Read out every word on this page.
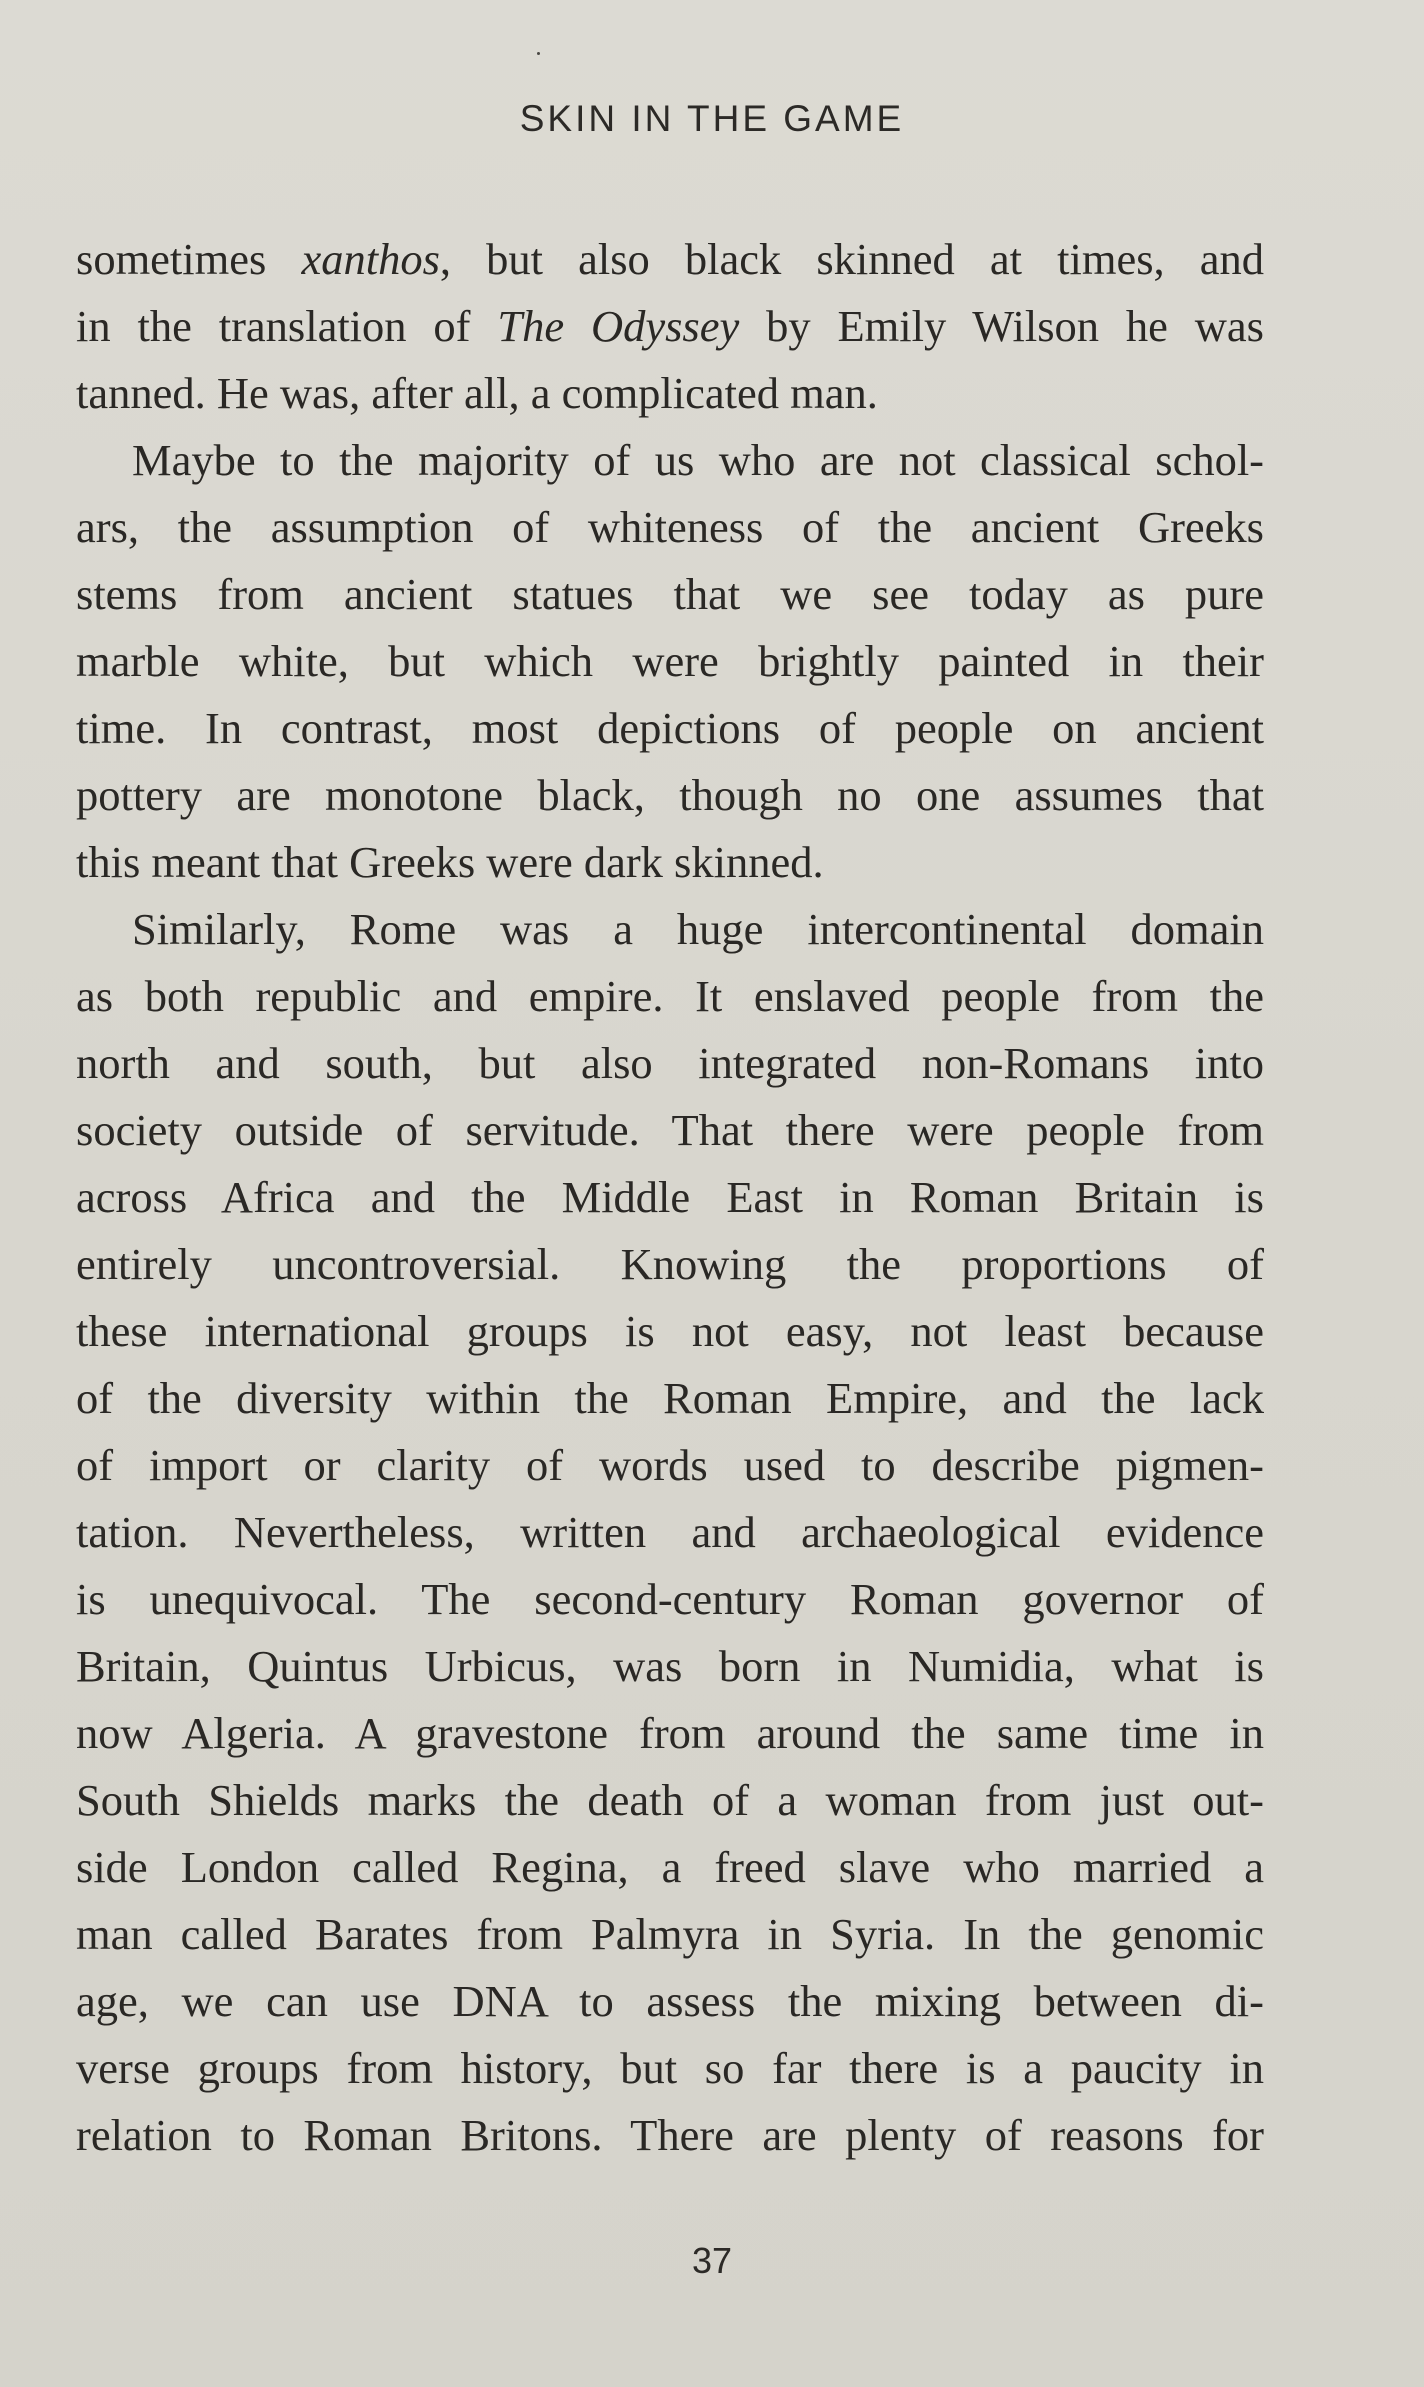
SKIN IN THE GAME
sometimes xanthos, but also black skinned at times, and
in the translation of The Odyssey by Emily Wilson he was
tanned. He was, after all, a complicated man.
Maybe to the majority of us who are not classical schol-
ars, the assumption of whiteness of the ancient Greeks
stems from ancient statues that we see today as pure
marble white, but which were brightly painted in their
time. In contrast, most depictions of people on ancient
pottery are monotone black, though no one assumes that
this meant that Greeks were dark skinned.
Similarly, Rome was a huge intercontinental domain
as both republic and empire. It enslaved people from the
north and south, but also integrated non-Romans into
society outside of servitude. That there were people from
across Africa and the Middle East in Roman Britain is
entirely uncontroversial. Knowing the proportions of
these international groups is not easy, not least because
of the diversity within the Roman Empire, and the lack
of import or clarity of words used to describe pigmen-
tation. Nevertheless, written and archaeological evidence
is unequivocal. The second-century Roman governor of
Britain, Quintus Urbicus, was born in Numidia, what is
now Algeria. A gravestone from around the same time in
South Shields marks the death of a woman from just out-
side London called Regina, a freed slave who married a
man called Barates from Palmyra in Syria. In the genomic
age, we can use DNA to assess the mixing between di-
verse groups from history, but so far there is a paucity in
relation to Roman Britons. There are plenty of reasons for
37
